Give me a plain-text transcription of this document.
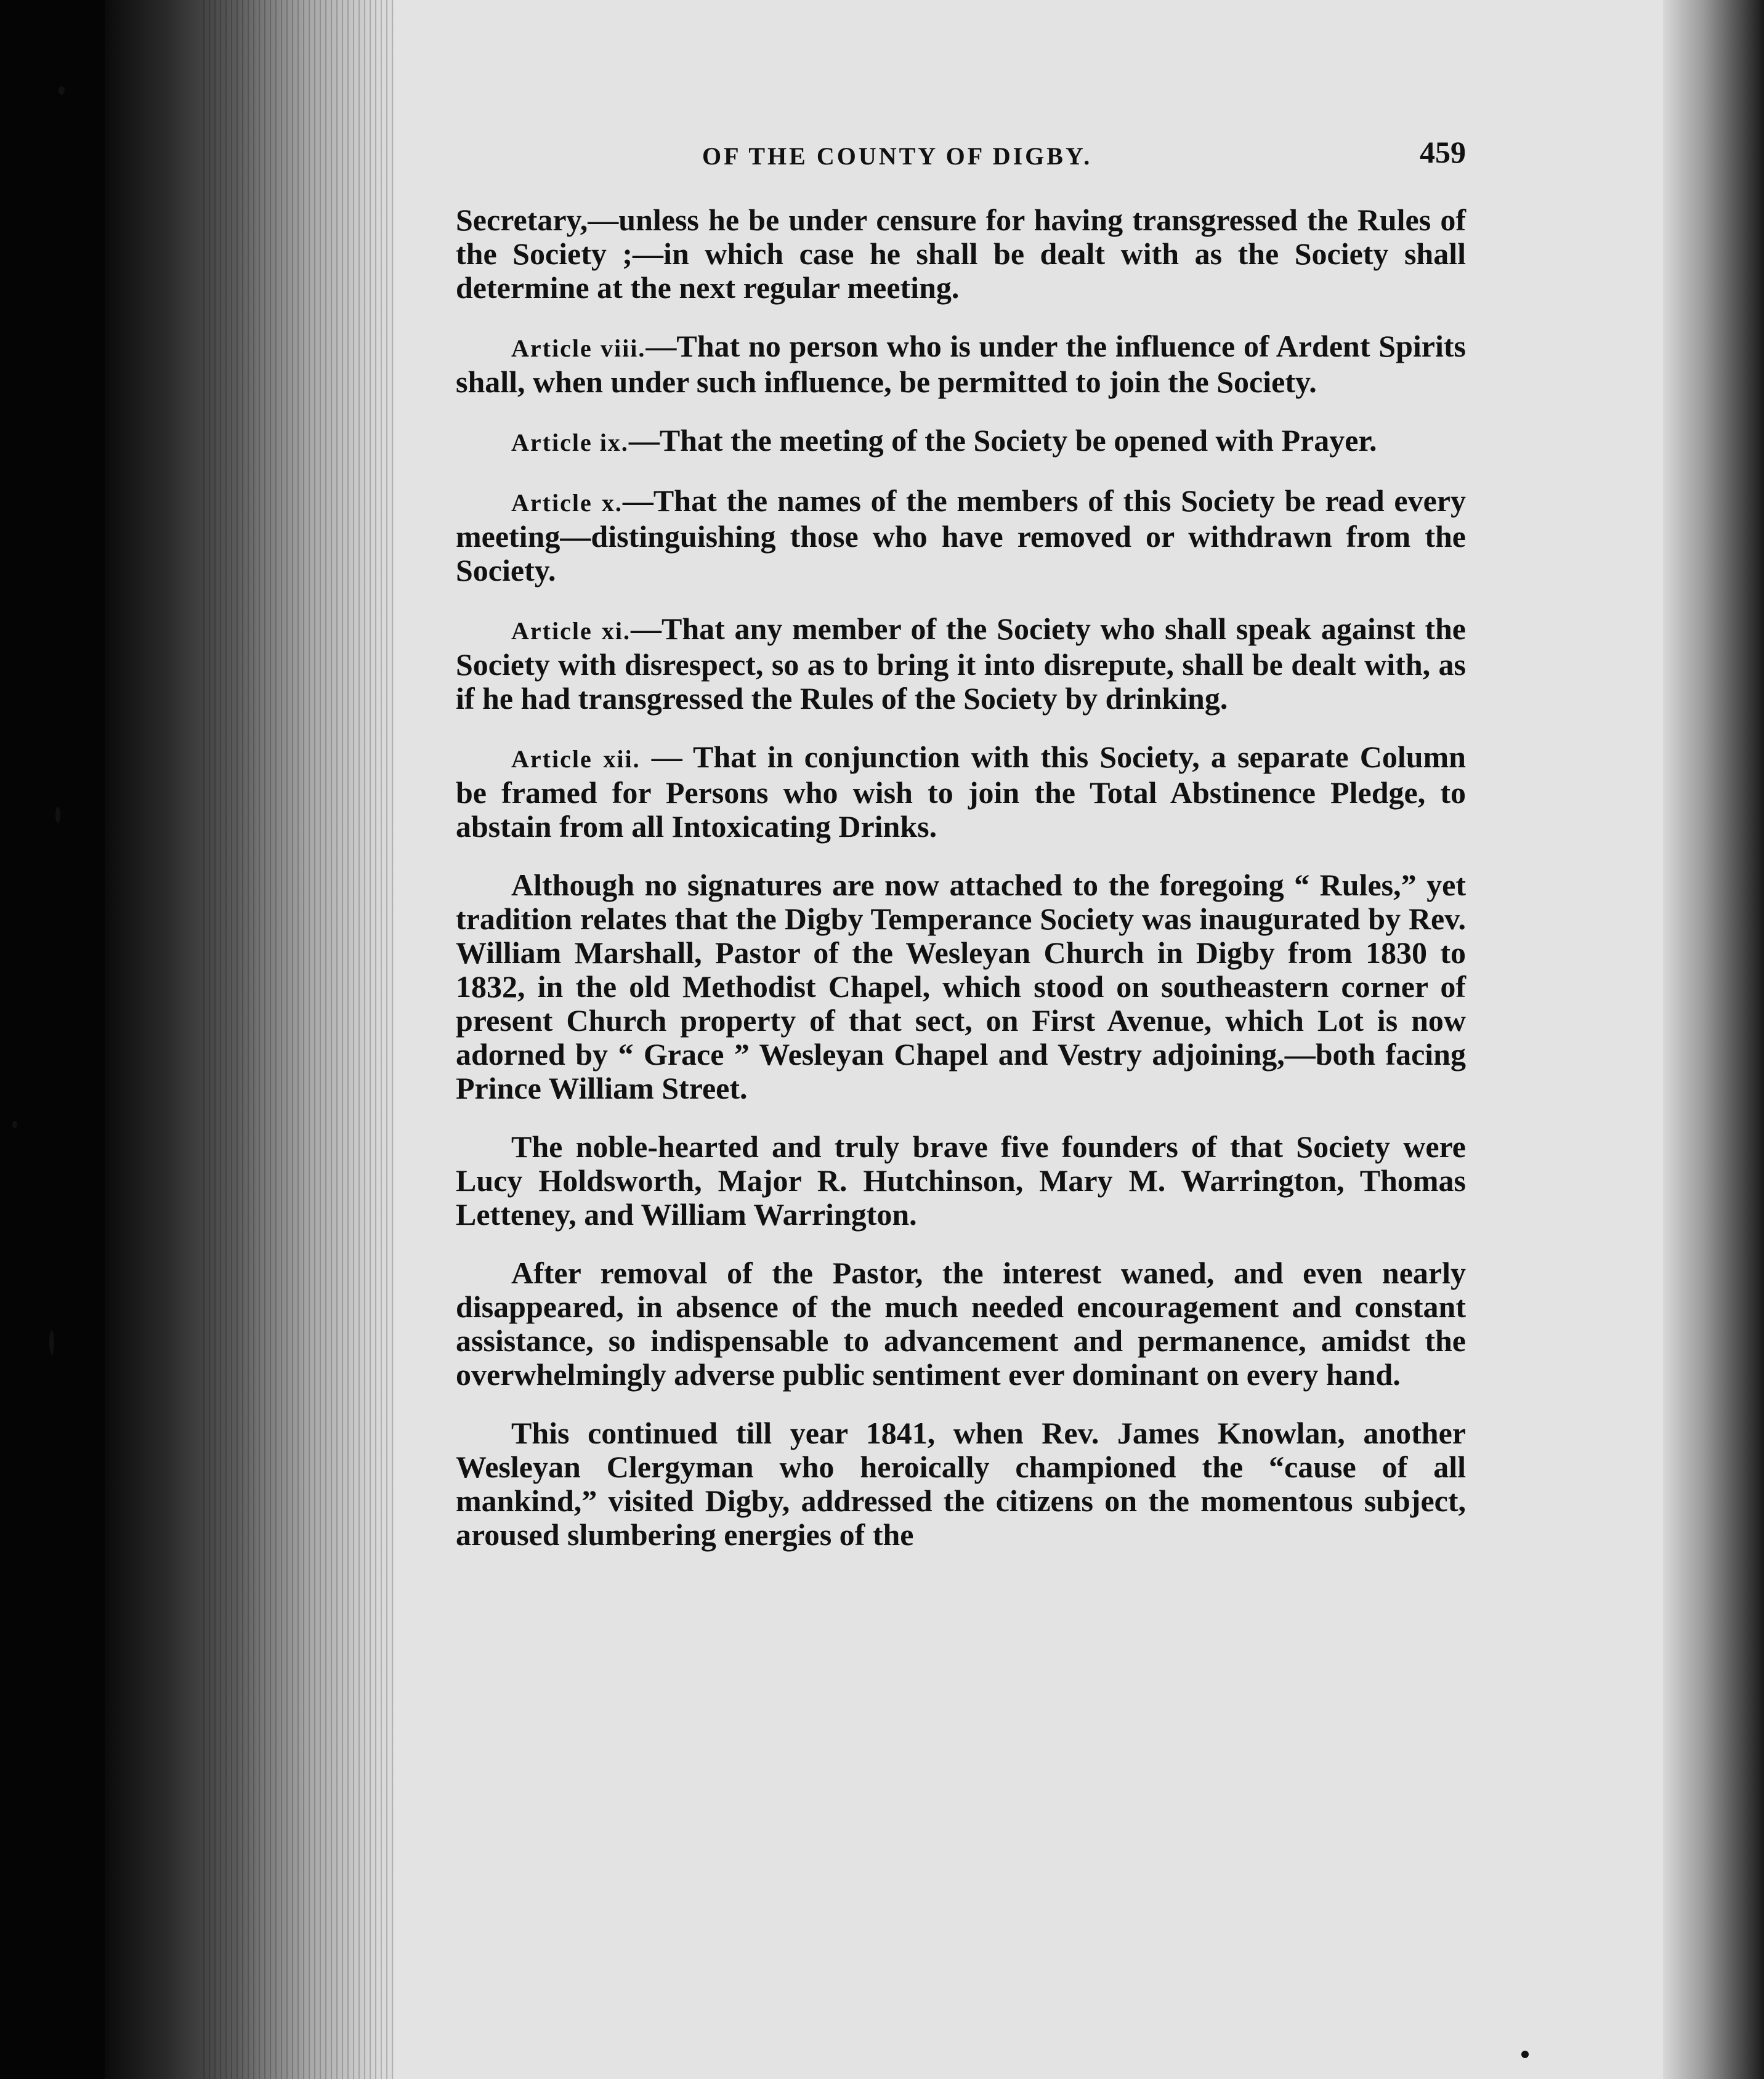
OF THE COUNTY OF DIGBY.	459

Secretary,—unless he be under censure for having transgressed the Rules of the Society ;—in which case he shall be dealt with as the Society shall determine at the next regular meeting.

Article viii.—That no person who is under the influence of Ardent Spirits shall, when under such influence, be permitted to join the Society.

Article ix.—That the meeting of the Society be opened with Prayer.

Article x.—That the names of the members of this Society be read every meeting—distinguishing those who have removed or withdrawn from the Society.

Article xi.—That any member of the Society who shall speak against the Society with disrespect, so as to bring it into disrepute, shall be dealt with, as if he had transgressed the Rules of the Society by drinking.

Article xii. — That in conjunction with this Society, a separate Column be framed for Persons who wish to join the Total Abstinence Pledge, to abstain from all Intoxicating Drinks.

Although no signatures are now attached to the foregoing “ Rules,” yet tradition relates that the Digby Temperance Society was inaugurated by Rev. William Marshall, Pastor of the Wesleyan Church in Digby from 1830 to 1832, in the old Methodist Chapel, which stood on southeastern corner of present Church property of that sect, on First Avenue, which Lot is now adorned by “ Grace ” Wesleyan Chapel and Vestry adjoining,—both facing Prince William Street.

The noble-hearted and truly brave five founders of that Society were Lucy Holdsworth, Major R. Hutchinson, Mary M. Warrington, Thomas Letteney, and William Warrington.

After removal of the Pastor, the interest waned, and even nearly disappeared, in absence of the much needed encouragement and constant assistance, so indispensable to advancement and permanence, amidst the overwhelmingly adverse public sentiment ever dominant on every hand.

This continued till year 1841, when Rev. James Knowlan, another Wesleyan Clergyman who heroically championed the “cause of all mankind,” visited Digby, addressed the citizens on the momentous subject, aroused slumbering energies of the
